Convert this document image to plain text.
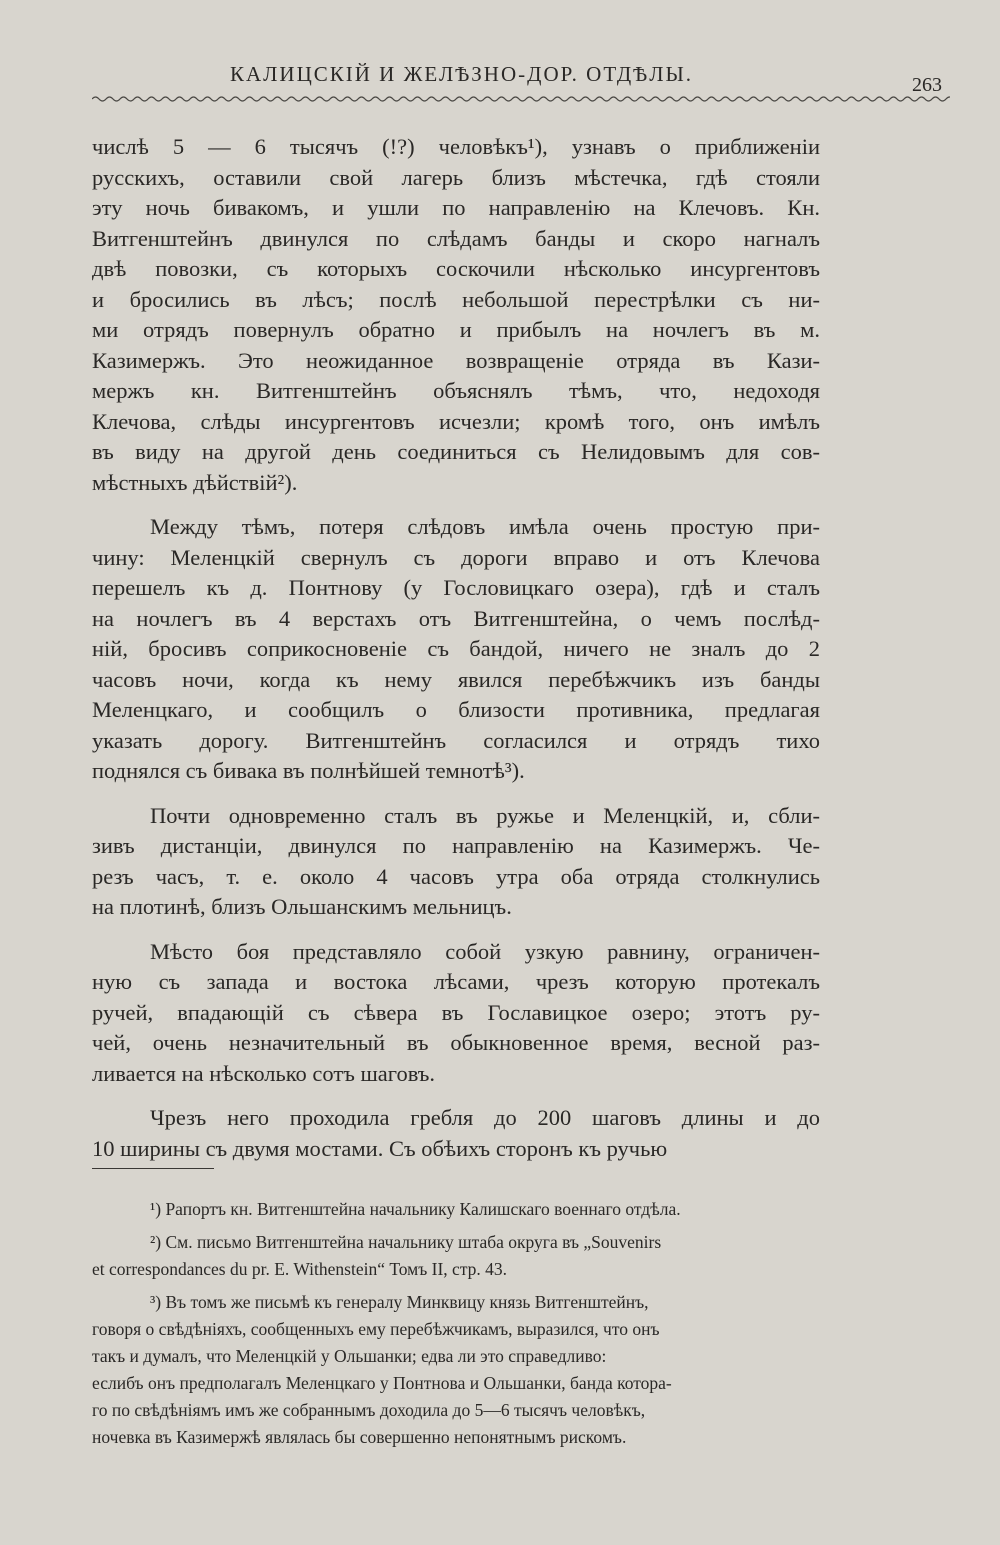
КАЛИЦСКІЙ И ЖЕЛѢЗНО-ДОР. ОТДѢЛЫ.	263
числѣ 5 — 6 тысячъ (!?) человѣкъ¹), узнавъ о приближеніи
русскихъ, оставили свой лагерь близъ мѣстечка, гдѣ стояли
эту ночь бивакомъ, и ушли по направленію на Клечовъ. Кн.
Витгенштейнъ двинулся по слѣдамъ банды и скоро нагналъ
двѣ повозки, съ которыхъ соскочили нѣсколько инсургентовъ
и бросились въ лѣсъ; послѣ небольшой перестрѣлки съ ни-
ми отрядъ повернулъ обратно и прибылъ на ночлегъ въ м.
Казимержъ. Это неожиданное возвращеніе отряда въ Кази-
мержъ кн. Витгенштейнъ объяснялъ тѣмъ, что, недоходя
Клечова, слѣды инсургентовъ исчезли; кромѣ того, онъ имѣлъ
въ виду на другой день соединиться съ Нелидовымъ для сов-
мѣстныхъ дѣйствій²).
Между тѣмъ, потеря слѣдовъ имѣла очень простую при-
чину: Меленцкій свернулъ съ дороги вправо и отъ Клечова
перешелъ къ д. Понтнову (у Гословицкаго озера), гдѣ и сталъ
на ночлегъ въ 4 верстахъ отъ Витгенштейна, о чемъ послѣд-
ній, бросивъ соприкосновеніе съ бандой, ничего не зналъ до 2
часовъ ночи, когда къ нему явился перебѣжчикъ изъ банды
Меленцкаго, и сообщилъ о близости противника, предлагая
указать дорогу. Витгенштейнъ согласился и отрядъ тихо
поднялся съ бивака въ полнѣйшей темнотѣ³).
Почти одновременно сталъ въ ружье и Меленцкій, и, сбли-
зивъ дистанціи, двинулся по направленію на Казимержъ. Че-
резъ часъ, т. е. около 4 часовъ утра оба отряда столкнулись
на плотинѣ, близъ Ольшанскимъ мельницъ.
Мѣсто боя представляло собой узкую равнину, ограничен-
ную съ запада и востока лѣсами, чрезъ которую протекалъ
ручей, впадающій съ сѣвера въ Гославицкое озеро; этотъ ру-
чей, очень незначительный въ обыкновенное время, весной раз-
ливается на нѣсколько сотъ шаговъ.
Чрезъ него проходила гребля до 200 шаговъ длины и до
10 ширины съ двумя мостами. Съ обѣихъ сторонъ къ ручью
¹) Рапортъ кн. Витгенштейна начальнику Калишскаго военнаго отдѣла.
²) См. письмо Витгенштейна начальнику штаба округа въ „Souvenirs
et correspondances du pr. E. Withenstein“ Томъ II, стр. 43.
³) Въ томъ же письмѣ къ генералу Минквицу князь Витгенштейнъ,
говоря о свѣдѣніяхъ, сообщенныхъ ему перебѣжчикамъ, выразился, что онъ
такъ и думалъ, что Меленцкій у Ольшанки; едва ли это справедливо:
еслибъ онъ предполагалъ Меленцкаго у Понтнова и Ольшанки, банда котора-
го по свѣдѣніямъ имъ же собраннымъ доходила до 5—6 тысячъ человѣкъ,
ночевка въ Казимержѣ являлась бы совершенно непонятнымъ рискомъ.
